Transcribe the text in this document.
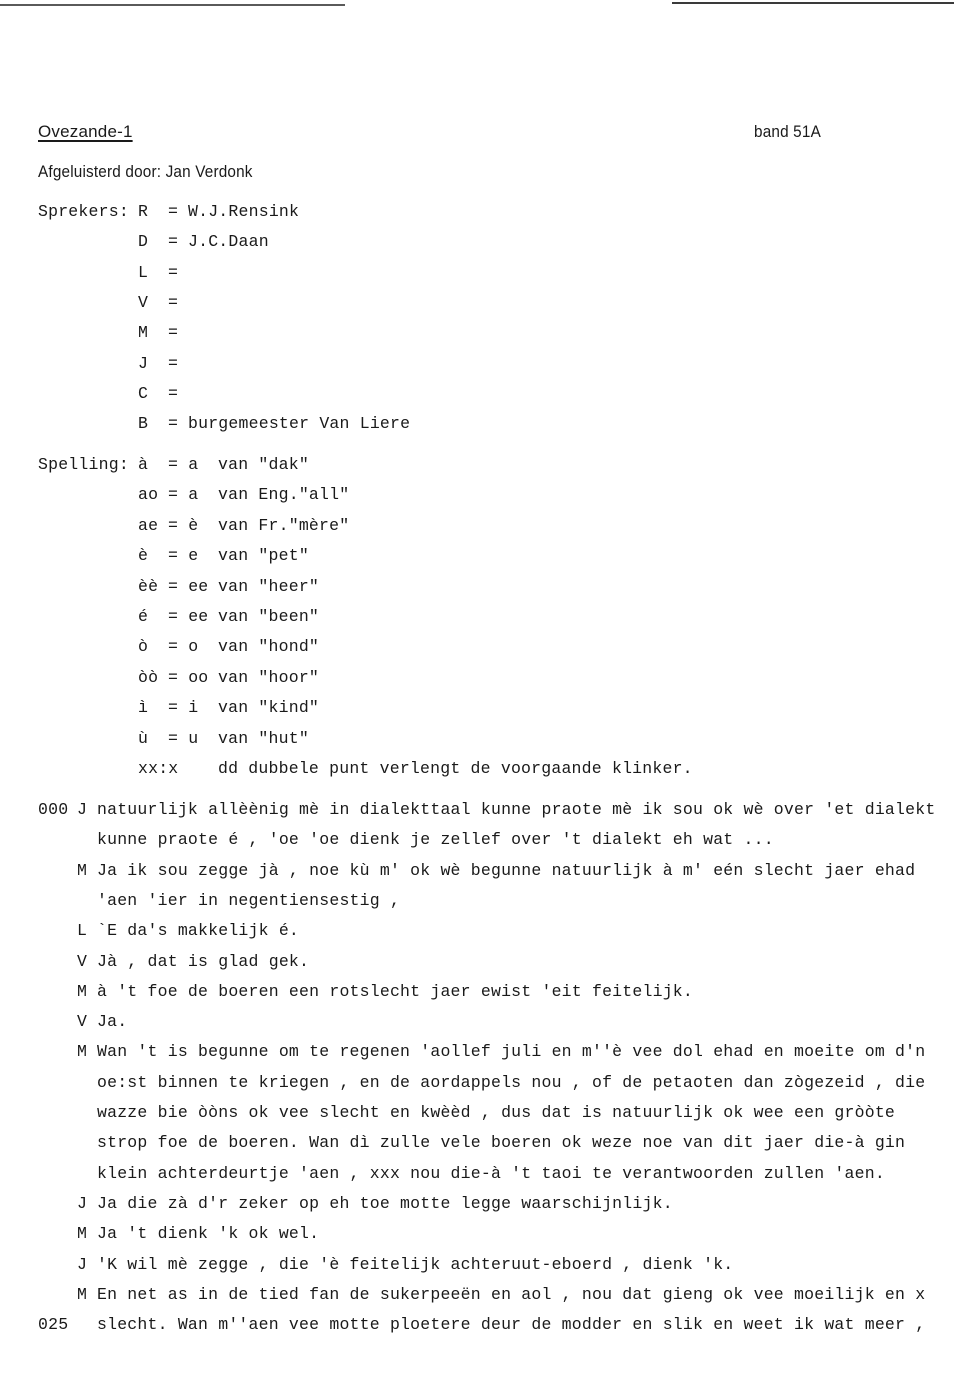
Ovezande-1	band 51A
Afgeluisterd door: Jan Verdonk
Sprekers: R = W.J.Rensink
D = J.C.Daan
L =
V =
M =
J =
C =
B = burgemeester Van Liere
Spelling: à = a van "dak"
ao = a van Eng."all"
ae = è van Fr."mère"
è = e van "pet"
èè = ee van "heer"
é = ee van "been"
ò = o van "hond"
òò = oo van "hoor"
ì = i van "kind"
ù = u van "hut"
xx:x dd dubbele punt verlengt de voorgaande klinker.
000 J natuurlijk allèènig mè in dialekttaal kunne praote mè ik sou ok wè over 'et dialekt
kunne praote é , 'oe 'oe dienk je zellef over 't dialekt eh wat ...
M Ja ik sou zegge jà , noe kù m' ok wè begunne natuurlijk à m' eén slecht jaer ehad
'aen 'ier in negentiensestig ,
L `E da's makkelijk é.
V Jà , dat is glad gek.
M à 't foe de boeren een rotslecht jaer ewist 'eit feitelijk.
V Ja.
M Wan 't is begunne om te regenen 'aollef juli en m''è vee dol ehad en moeite om d'n
oe:st binnen te kriegen , en de aordappels nou , of de petaoten dan zògezeid , die
wazze bie òòns ok vee slecht en kwèèd , dus dat is natuurlijk ok wee een gròòte
strop foe de boeren. Wan dì zulle vele boeren ok weze noe van dit jaer die-à gin
klein achterdeurtje 'aen , xxx nou die-à 't taoi te verantwoorden zullen 'aen.
J Ja die zà d'r zeker op eh toe motte legge waarschijnlijk.
M Ja 't dienk 'k ok wel.
J 'K wil mè zegge , die 'è feitelijk achteruut-eboerd , dienk 'k.
M En net as in de tied fan de sukerpeeën en aol , nou dat gieng ok vee moeilijk en x
025 slecht. Wan m''aen vee motte ploetere deur de modder en slik en weet ik wat meer ,
